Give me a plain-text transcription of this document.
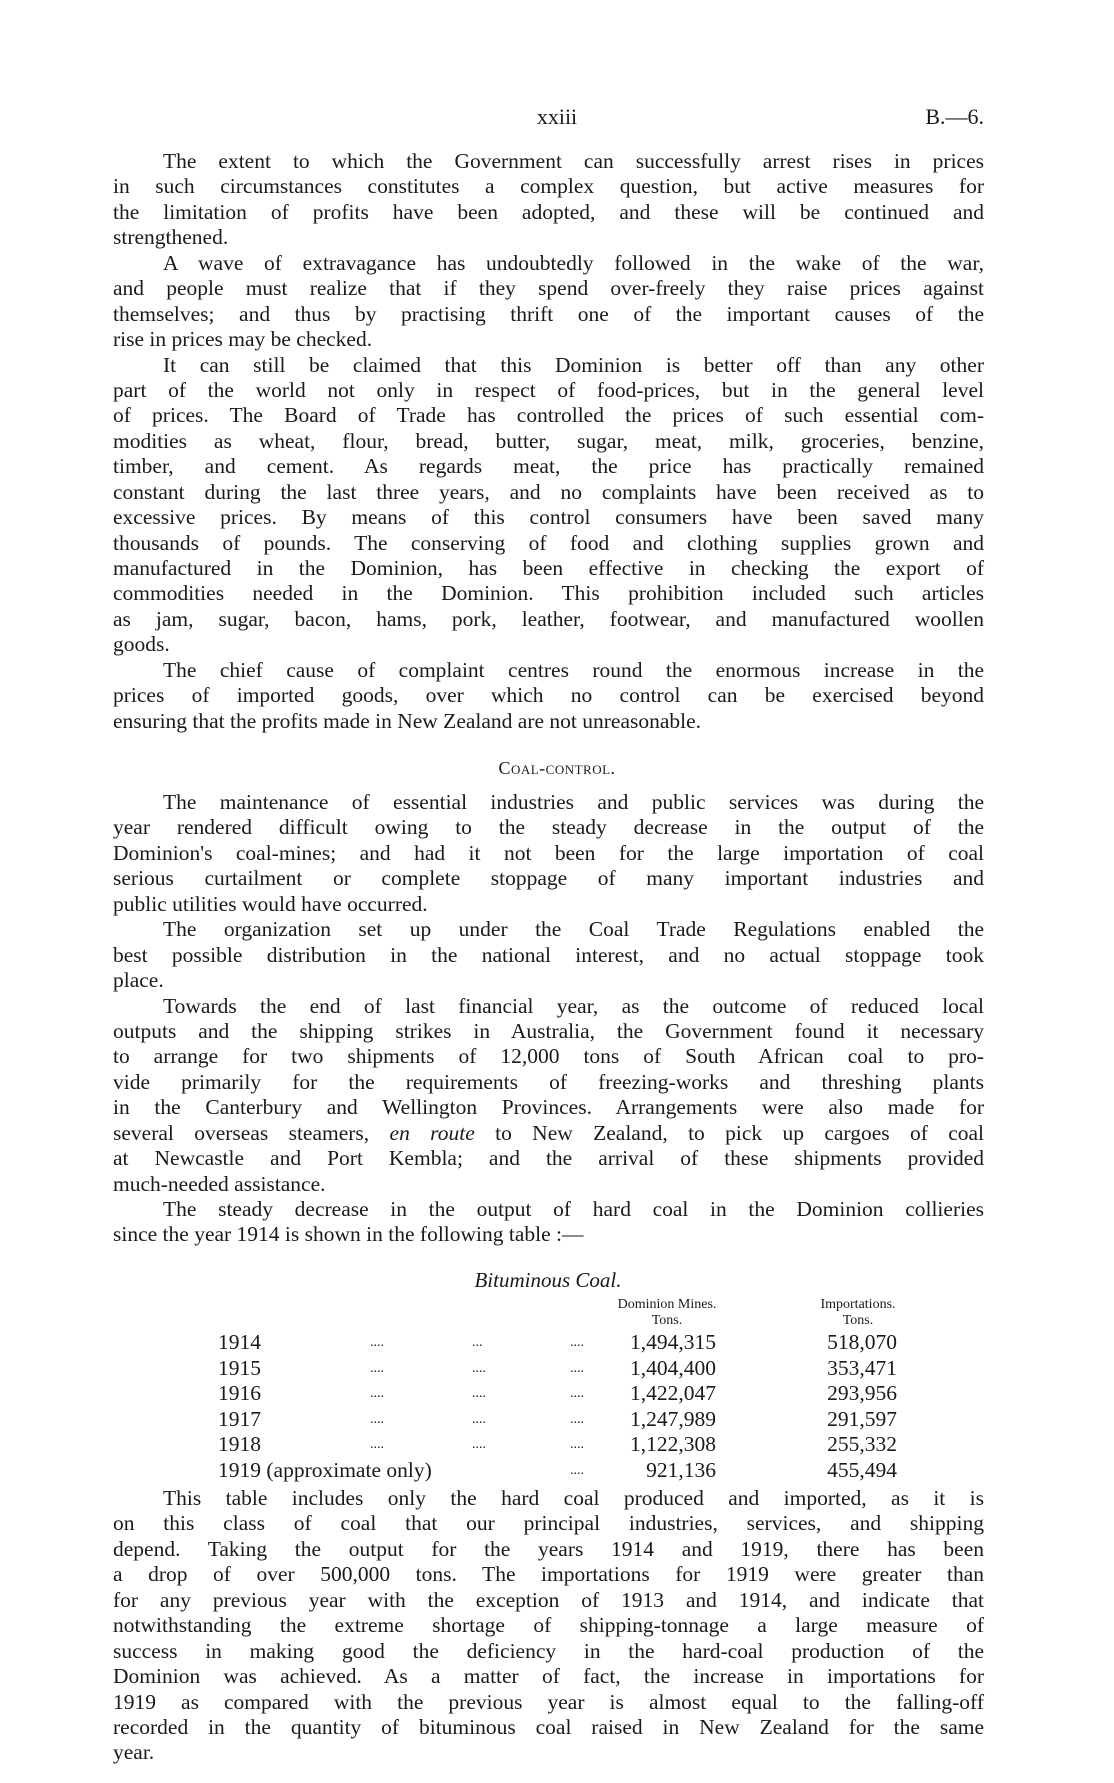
xxiii	B.—6.
The extent to which the Government can successfully arrest rises in prices
in such circumstances constitutes a complex question, but active measures for
the limitation of profits have been adopted, and these will be continued and
strengthened.
A wave of extravagance has undoubtedly followed in the wake of the war,
and people must realize that if they spend over-freely they raise prices against
themselves; and thus by practising thrift one of the important causes of the
rise in prices may be checked.
It can still be claimed that this Dominion is better off than any other
part of the world not only in respect of food-prices, but in the general level
of prices. The Board of Trade has controlled the prices of such essential com-
modities as wheat, flour, bread, butter, sugar, meat, milk, groceries, benzine,
timber, and cement. As regards meat, the price has practically remained
constant during the last three years, and no complaints have been received as to
excessive prices. By means of this control consumers have been saved many
thousands of pounds. The conserving of food and clothing supplies grown and
manufactured in the Dominion, has been effective in checking the export of
commodities needed in the Dominion. This prohibition included such articles
as jam, sugar, bacon, hams, pork, leather, footwear, and manufactured woollen
goods.
The chief cause of complaint centres round the enormous increase in the
prices of imported goods, over which no control can be exercised beyond
ensuring that the profits made in New Zealand are not unreasonable.
Coal-control.
The maintenance of essential industries and public services was during the
year rendered difficult owing to the steady decrease in the output of the
Dominion's coal-mines; and had it not been for the large importation of coal
serious curtailment or complete stoppage of many important industries and
public utilities would have occurred.
The organization set up under the Coal Trade Regulations enabled the
best possible distribution in the national interest, and no actual stoppage took
place.
Towards the end of last financial year, as the outcome of reduced local
outputs and the shipping strikes in Australia, the Government found it necessary
to arrange for two shipments of 12,000 tons of South African coal to pro-
vide primarily for the requirements of freezing-works and threshing plants
in the Canterbury and Wellington Provinces. Arrangements were also made for
several overseas steamers, en route to New Zealand, to pick up cargoes of coal
at Newcastle and Port Kembla; and the arrival of these shipments provided
much-needed assistance.
The steady decrease in the output of hard coal in the Dominion collieries
since the year 1914 is shown in the following table :—
Bituminous Coal.
Dominion Mines.
Tons.
Importations.
Tons.
1914	....	...	....	1,494,315	518,070
1915	....	....	....	1,404,400	353,471
1916	....	....	....	1,422,047	293,956
1917	....	....	....	1,247,989	291,597
1918	....	....	....	1,122,308	255,332
1919 (approximate only)	....	921,136	455,494
This table includes only the hard coal produced and imported, as it is
on this class of coal that our principal industries, services, and shipping
depend. Taking the output for the years 1914 and 1919, there has been
a drop of over 500,000 tons. The importations for 1919 were greater than
for any previous year with the exception of 1913 and 1914, and indicate that
notwithstanding the extreme shortage of shipping-tonnage a large measure of
success in making good the deficiency in the hard-coal production of the
Dominion was achieved. As a matter of fact, the increase in importations for
1919 as compared with the previous year is almost equal to the falling-off
recorded in the quantity of bituminous coal raised in New Zealand for the same
year.
